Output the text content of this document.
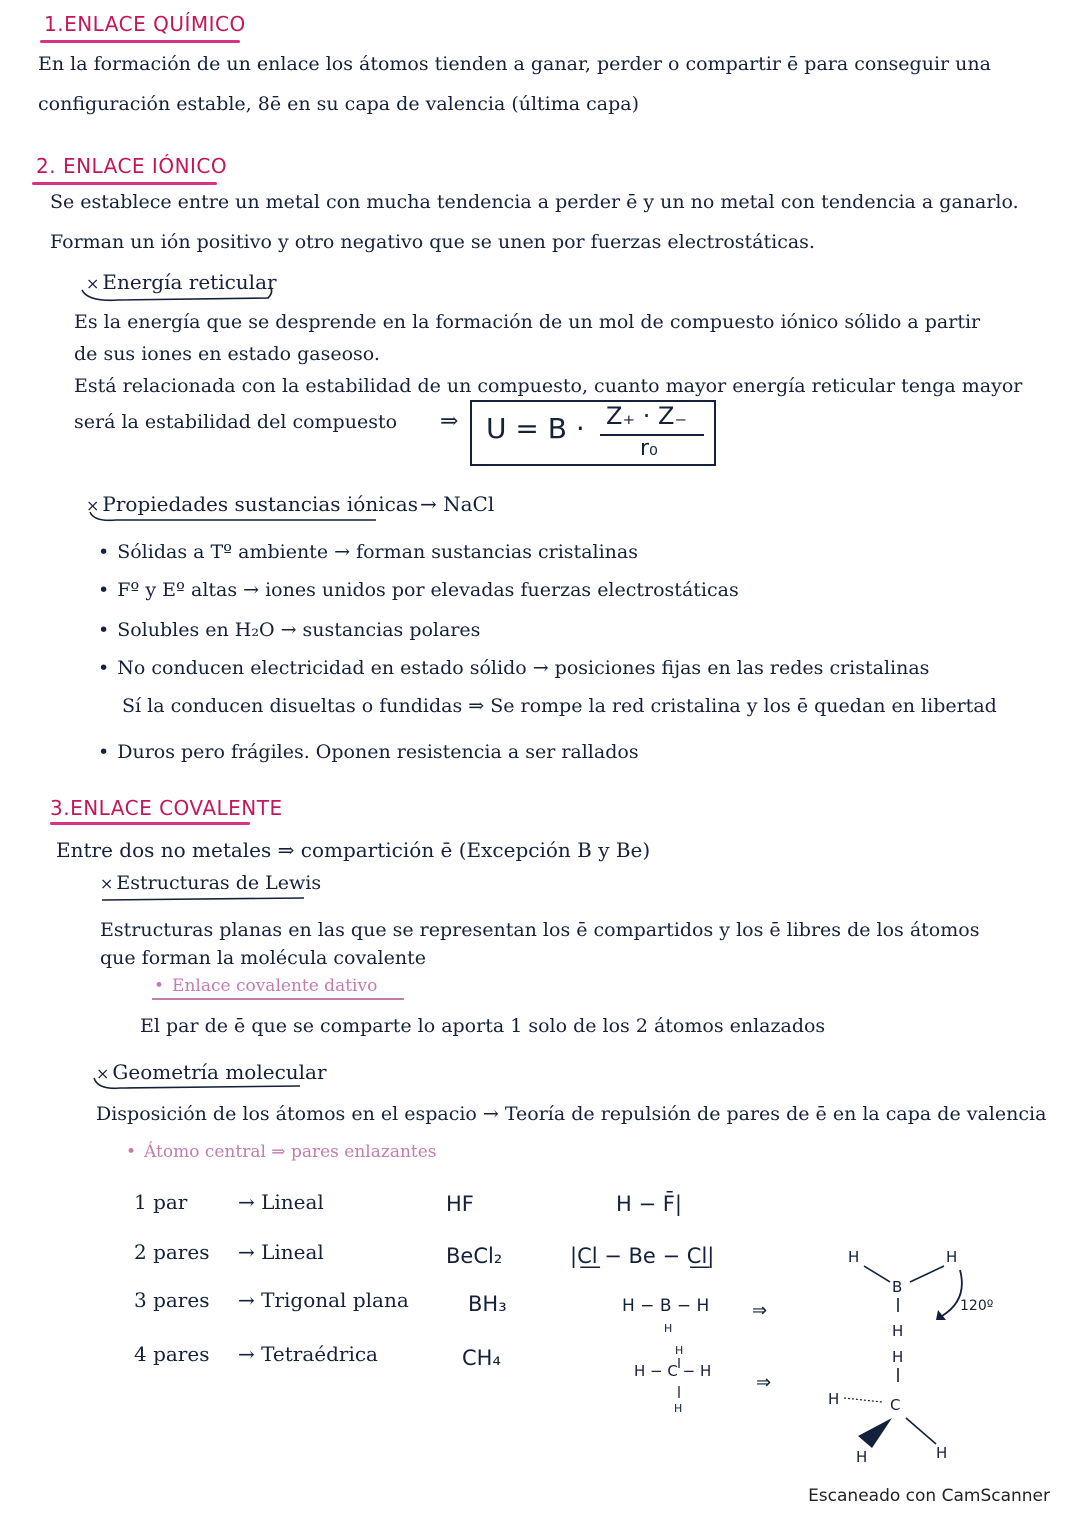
1.ENLACE QUÍMICO
En la formación de un enlace los átomos tienden a ganar, perder o compartir ē para conseguir una
configuración estable, 8ē en su capa de valencia (última capa)
2. ENLACE IÓNICO
Se establece entre un metal con mucha tendencia a perder ē y un no metal con tendencia a ganarlo.
Forman un ión positivo y otro negativo que se unen por fuerzas electrostáticas.
× Energía reticular
Es la energía que se desprende en la formación de un mol de compuesto iónico sólido a partir
de sus iones en estado gaseoso.
Está relacionada con la estabilidad de un compuesto, cuanto mayor energía reticular tenga mayor
será la estabilidad del compuesto ⇒ U = B · Z₊ · Z₋
r₀
× Propiedades sustancias iónicas → NaCl
• Sólidas a Tº ambiente → forman sustancias cristalinas
• Fº y Eº altas → iones unidos por elevadas fuerzas electrostáticas
• Solubles en H₂O → sustancias polares
• No conducen electricidad en estado sólido → posiciones fijas en las redes cristalinas
Sí la conducen disueltas o fundidas ⇒ Se rompe la red cristalina y los ē quedan en libertad
• Duros pero frágiles. Oponen resistencia a ser rallados
3.ENLACE COVALENTE
Entre dos no metales ⇒ compartición ē (Excepción B y Be)
× Estructuras de Lewis
Estructuras planas en las que se representan los ē compartidos y los ē libres de los átomos
que forman la molécula covalente
• Enlace covalente dativo
El par de ē que se comparte lo aporta 1 solo de los 2 átomos enlazados
× Geometría molecular
Disposición de los átomos en el espacio → Teoría de repulsión de pares de ē en la capa de valencia
• Átomo central ⇒ pares enlazantes
1 par	→ Lineal	HF	H − F̄|
2 pares → Lineal	BeCl₂	|C̲l̲ − Be − C̲l̲|
3 pares → Trigonal plana	BH₃	H − B − H
4 pares → Tetraédrica	CH₄
H − C − H
H
H
H
⇒
⇒
H	H
B
H
120º
H
H	C
H	H
Escaneado con CamScanner
